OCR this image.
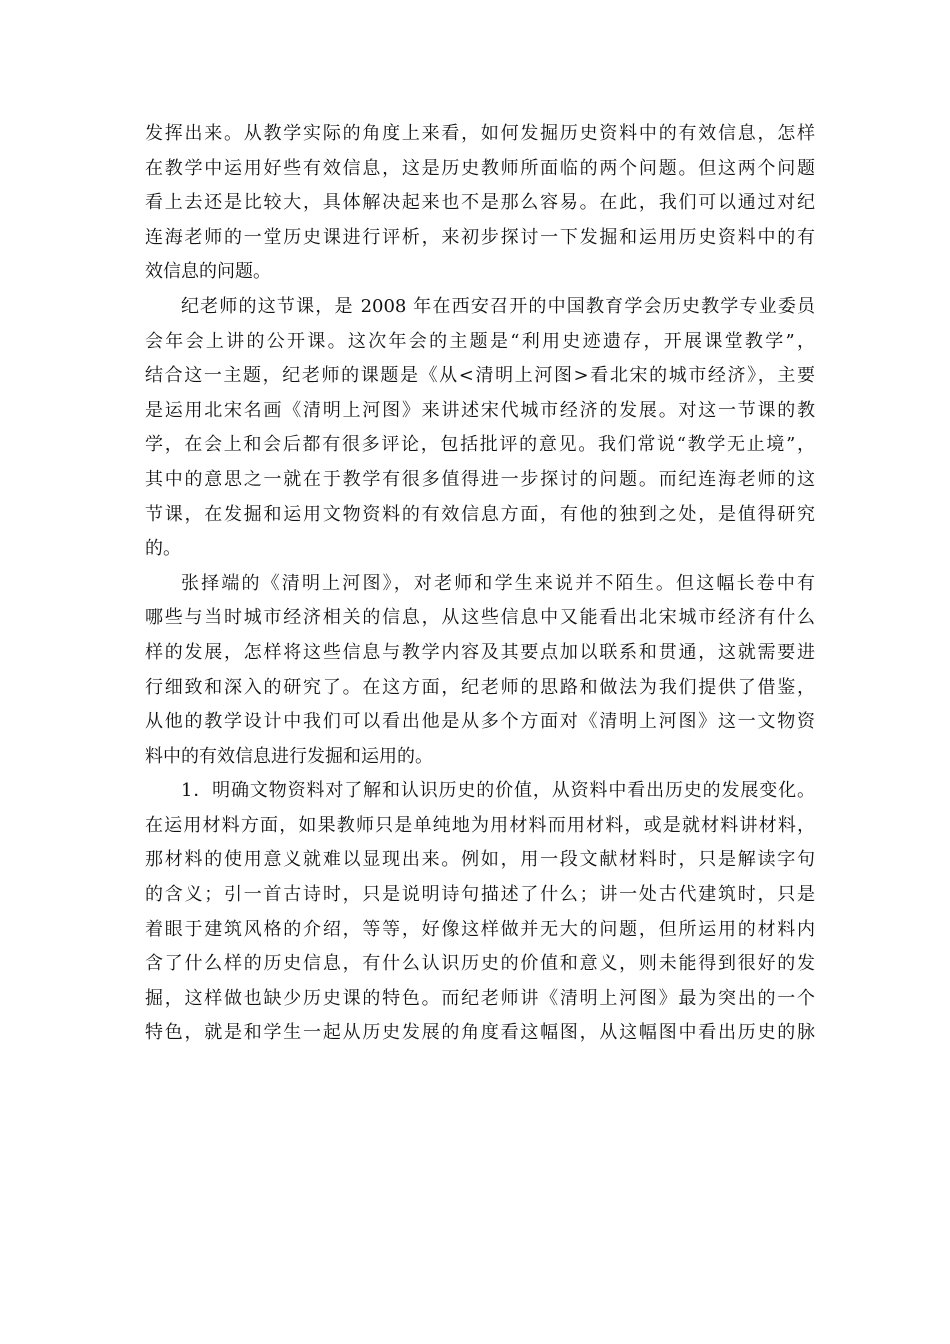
发挥出来。从教学实际的角度上来看，如何发掘历史资料中的有效信息，怎样
在教学中运用好些有效信息，这是历史教师所面临的两个问题。但这两个问题
看上去还是比较大，具体解决起来也不是那么容易。在此，我们可以通过对纪
连海老师的一堂历史课进行评析，来初步探讨一下发掘和运用历史资料中的有
效信息的问题。
纪老师的这节课，是 2008 年在西安召开的中国教育学会历史教学专业委员
会年会上讲的公开课。这次年会的主题是“利用史迹遗存，开展课堂教学”，
结合这一主题，纪老师的课题是《从<清明上河图>看北宋的城市经济》，主要
是运用北宋名画《清明上河图》来讲述宋代城市经济的发展。对这一节课的教
学，在会上和会后都有很多评论，包括批评的意见。我们常说“教学无止境”，
其中的意思之一就在于教学有很多值得进一步探讨的问题。而纪连海老师的这
节课，在发掘和运用文物资料的有效信息方面，有他的独到之处，是值得研究
的。
张择端的《清明上河图》，对老师和学生来说并不陌生。但这幅长卷中有
哪些与当时城市经济相关的信息，从这些信息中又能看出北宋城市经济有什么
样的发展，怎样将这些信息与教学内容及其要点加以联系和贯通，这就需要进
行细致和深入的研究了。在这方面，纪老师的思路和做法为我们提供了借鉴，
从他的教学设计中我们可以看出他是从多个方面对《清明上河图》这一文物资
料中的有效信息进行发掘和运用的。
1．明确文物资料对了解和认识历史的价值，从资料中看出历史的发展变化。
在运用材料方面，如果教师只是单纯地为用材料而用材料，或是就材料讲材料，
那材料的使用意义就难以显现出来。例如，用一段文献材料时，只是解读字句
的含义；引一首古诗时，只是说明诗句描述了什么；讲一处古代建筑时，只是
着眼于建筑风格的介绍，等等，好像这样做并无大的问题，但所运用的材料内
含了什么样的历史信息，有什么认识历史的价值和意义，则未能得到很好的发
掘，这样做也缺少历史课的特色。而纪老师讲《清明上河图》最为突出的一个
特色，就是和学生一起从历史发展的角度看这幅图，从这幅图中看出历史的脉
